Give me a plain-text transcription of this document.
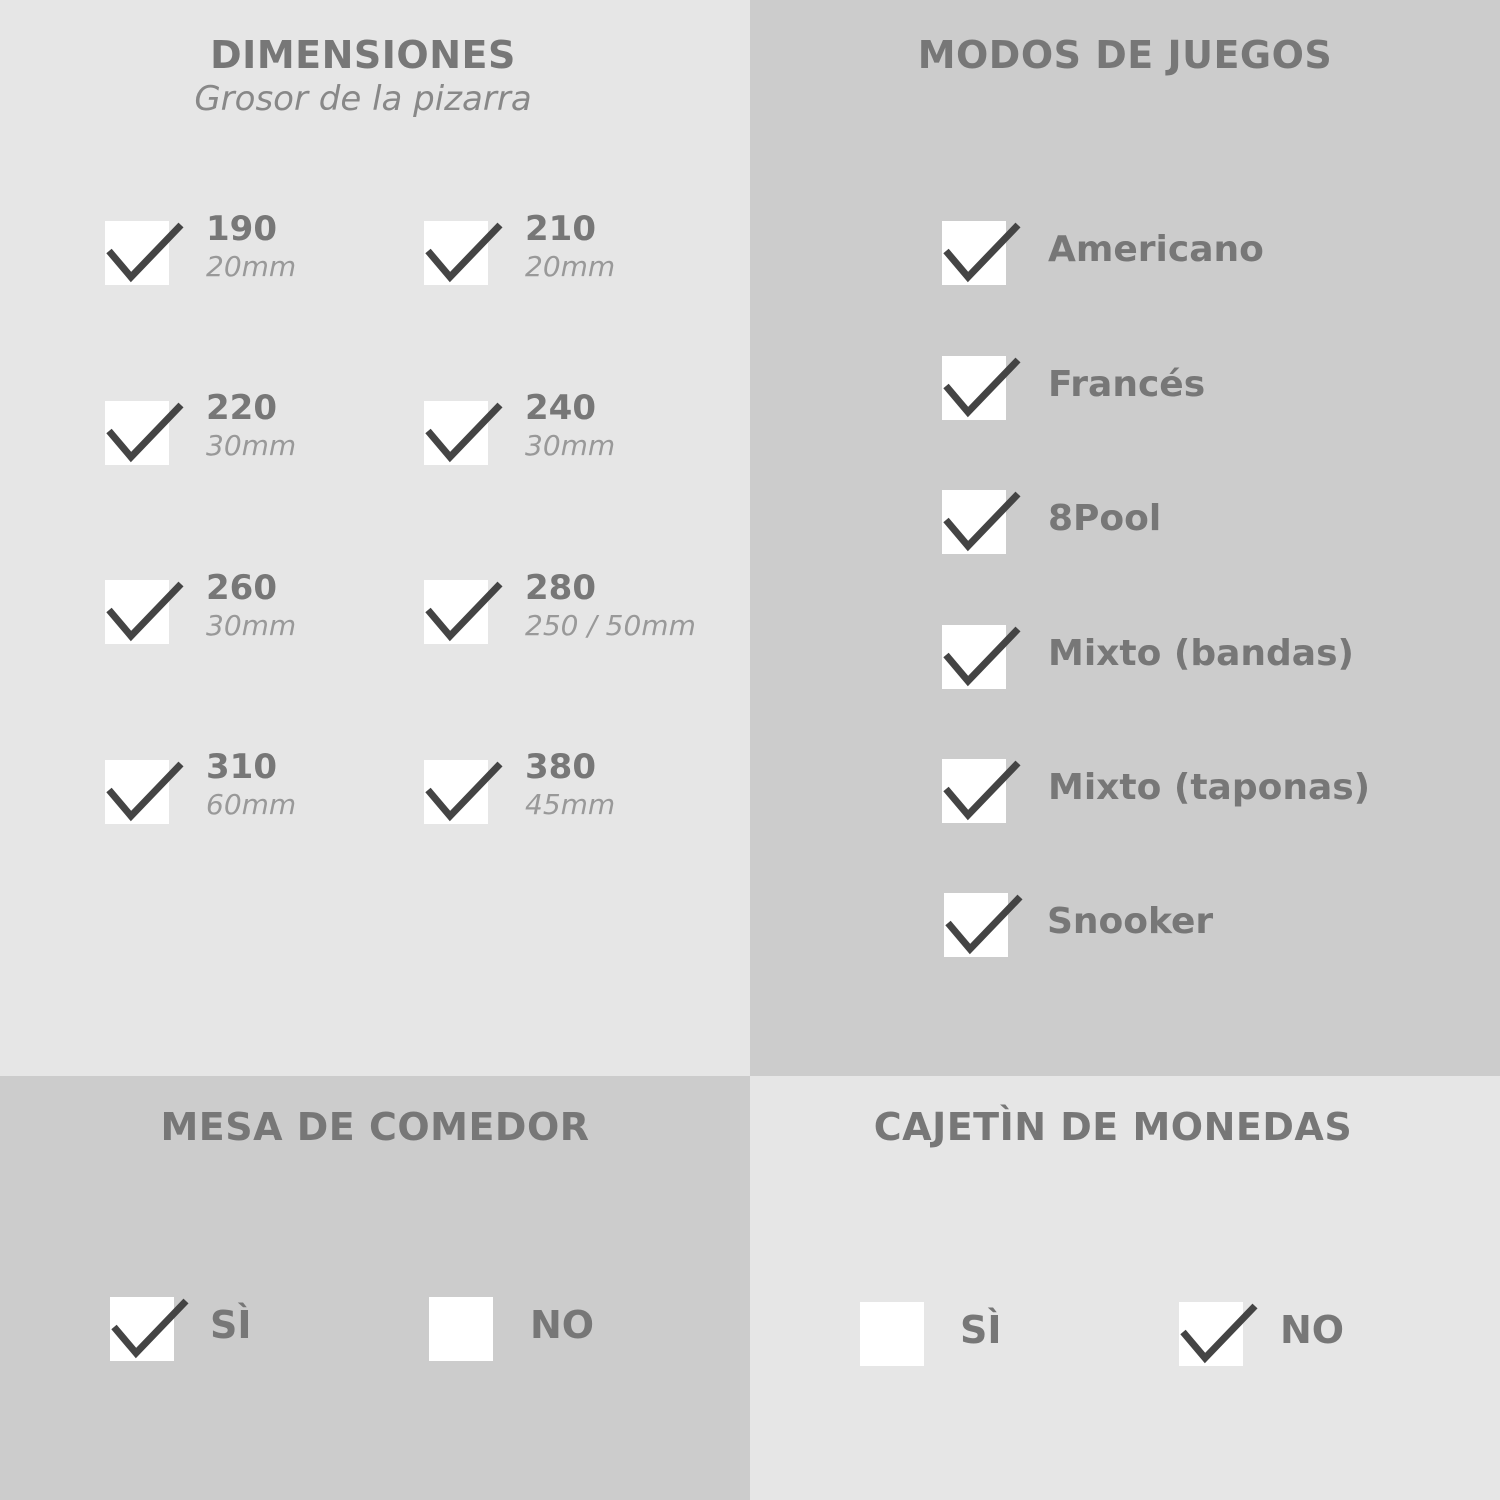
DIMENSIONES
Grosor de la pizarra
190
20mm
210
20mm
220
30mm
240
30mm
260
30mm
280
250 / 50mm
310
60mm
380
45mm
MODOS DE JUEGOS
Americano
Francés
8Pool
Mixto (bandas)
Mixto (taponas)
Snooker
MESA DE COMEDOR
SÌ	NO
CAJETÌN DE MONEDAS
SÌ	NO
